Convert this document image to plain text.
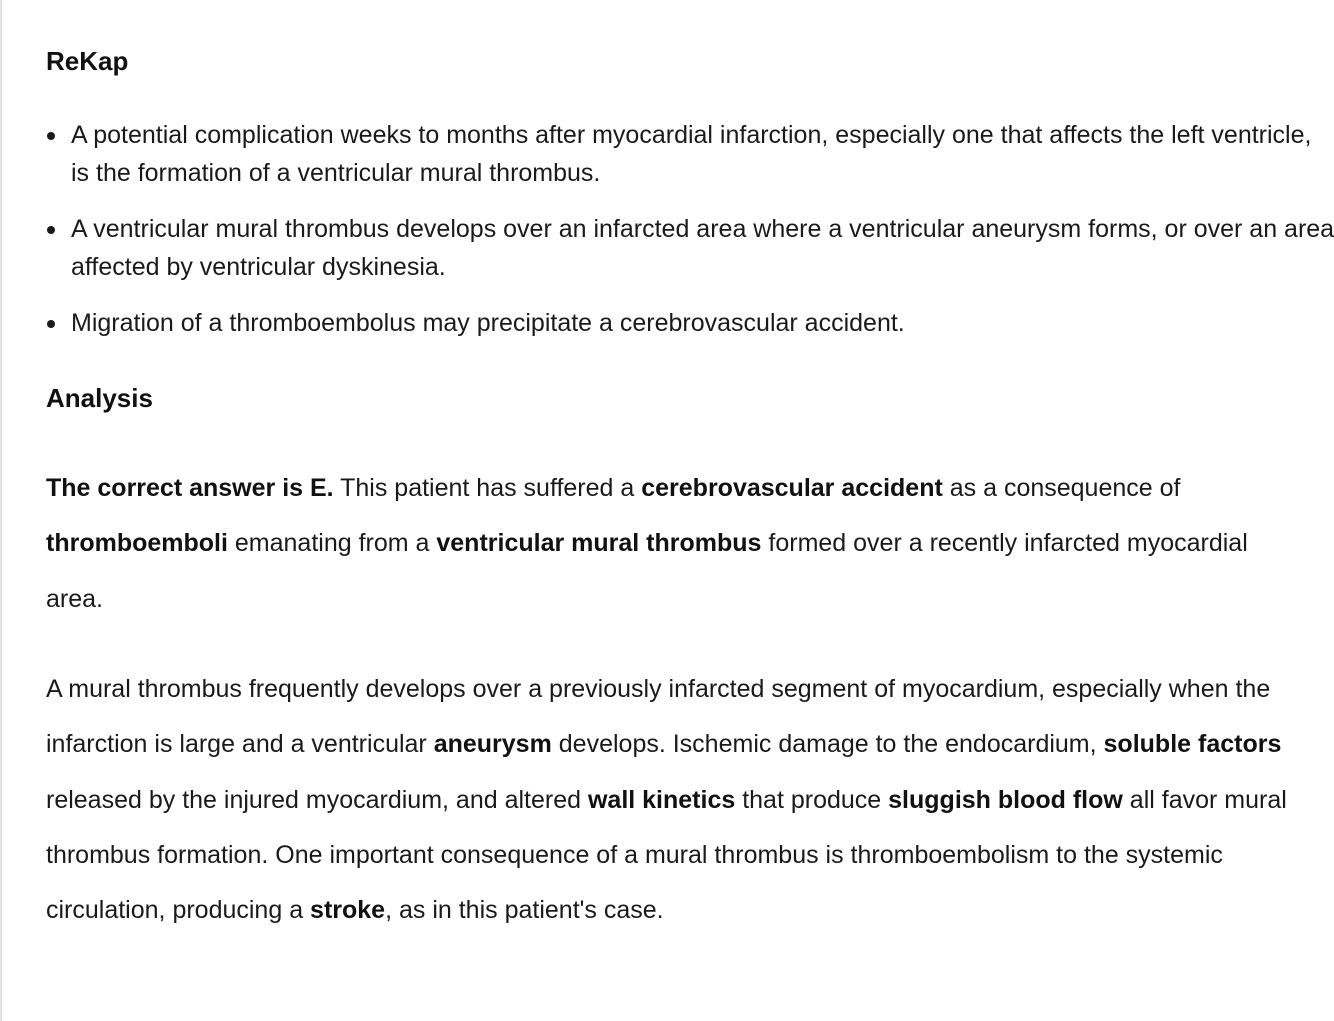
ReKap
A potential complication weeks to months after myocardial infarction, especially one that affects the left ventricle, is the formation of a ventricular mural thrombus.
A ventricular mural thrombus develops over an infarcted area where a ventricular aneurysm forms, or over an area affected by ventricular dyskinesia.
Migration of a thromboembolus may precipitate a cerebrovascular accident.
Analysis

The correct answer is E. This patient has suffered a cerebrovascular accident as a consequence of thromboemboli emanating from a ventricular mural thrombus formed over a recently infarcted myocardial area.

A mural thrombus frequently develops over a previously infarcted segment of myocardium, especially when the infarction is large and a ventricular aneurysm develops. Ischemic damage to the endocardium, soluble factors released by the injured myocardium, and altered wall kinetics that produce sluggish blood flow all favor mural thrombus formation. One important consequence of a mural thrombus is thromboembolism to the systemic circulation, producing a stroke, as in this patient's case.
